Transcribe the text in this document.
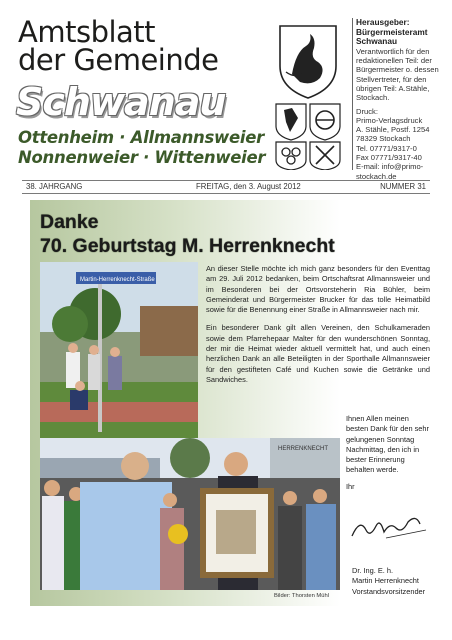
Amtsblatt
der Gemeinde
Schwanau
Ottenheim · Allmannsweier
Nonnenweier · Wittenweier
Herausgeber:
Bürgermeisteramt
Schwanau

Verantwortlich für den redaktionellen Teil: der Bürgermeister o. dessen Stellvertreter, für den übrigen Teil: A.Stähle, Stockach.

Druck:
Primo-Verlagsdruck
A. Stähle, Postf. 1254
78329 Stockach
Tel. 07771/9317-0
Fax 07771/9317-40
E-mail: info@primo-
stockach.de
38. JAHRGANG	FREITAG, den 3. August 2012	NUMMER 31
Danke
70. Geburtstag M. Herrenknecht
Martin-Herrenknecht-Straße
HERRENKNECHT

An dieser Stelle möchte ich mich ganz besonders für den Eventtag am 29. Juli 2012 bedanken, beim Ortschaftsrat Allmannsweier und im Besonderen bei der Ortsvorsteherin Ria Bühler, beim Gemeinderat und Bürgermeister Brucker für das tolle Heimatbild sowie für die Benennung einer Straße in Allmannsweier nach mir.

Ein besonderer Dank gilt allen Vereinen, den Schulkameraden sowie dem Pfarrehepaar Malter für den wunderschönen Sonntag, der mir die Heimat wieder aktuell vermittelt hat, und auch einen herzlichen Dank an alle Beteiligten in der Sporthalle Allmannsweier für den gestifteten Café und Kuchen sowie die Getränke und Sandwiches.

Ihnen Allen meinen besten Dank für den sehr gelungenen Sonntag Nachmittag, den ich in bester Erinnerung behalten werde.

Ihr

Dr. Ing. E. h.
Martin Herrenknecht
Vorstandsvorsitzender
Bilder: Thorsten Mühl
